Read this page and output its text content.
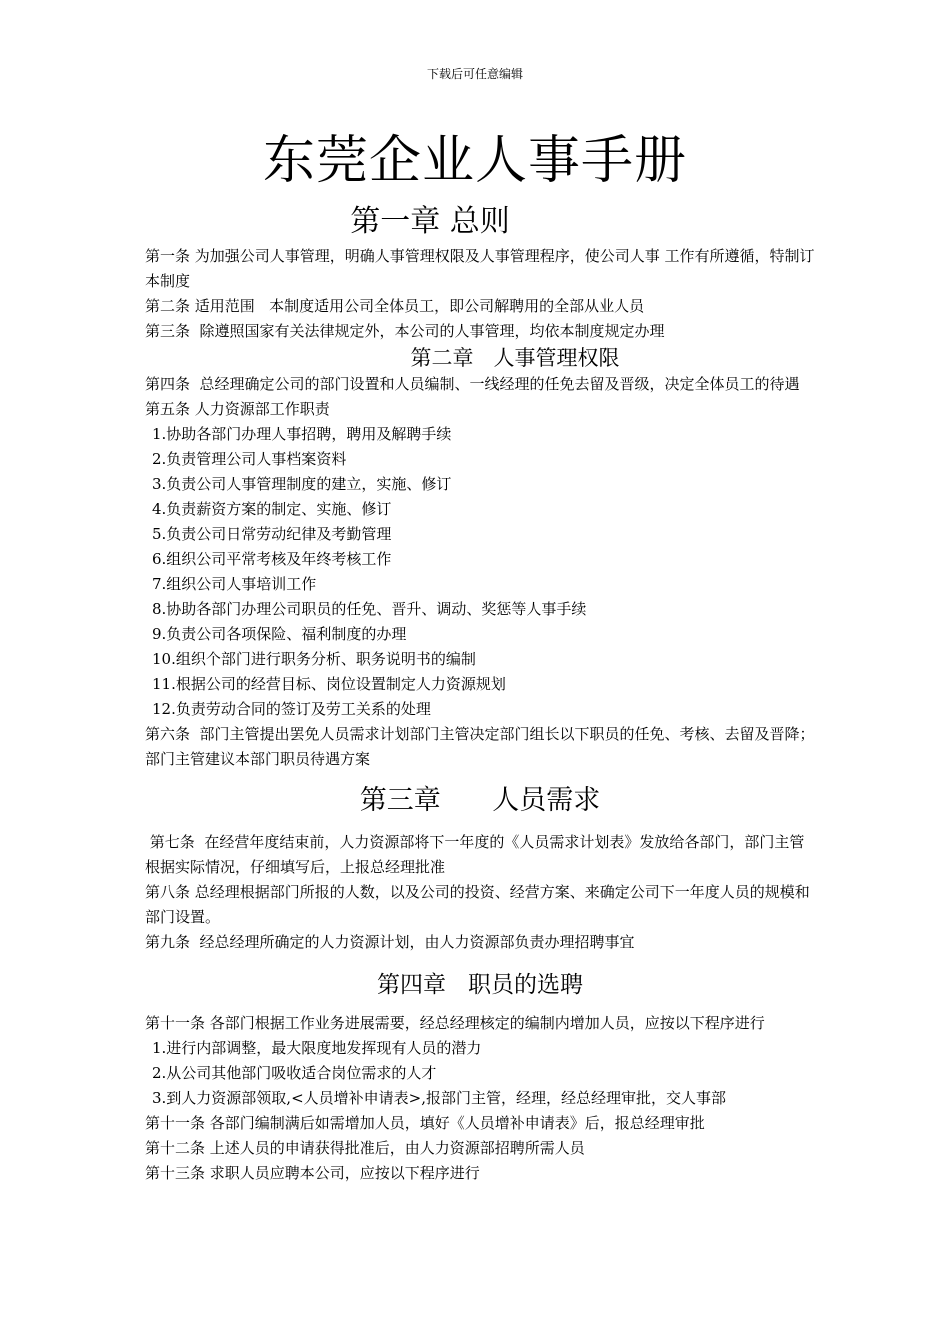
下载后可任意编辑
东莞企业人事手册
第一章 总则

第一条 为加强公司人事管理，明确人事管理权限及人事管理程序，使公司人事 工作有所遵循，特制订本制度

第二条 适用范围   本制度适用公司全体员工，即公司解聘用的全部从业人员

第三条  除遵照国家有关法律规定外，本公司的人事管理，均依本制度规定办理

第二章   人事管理权限

第四条  总经理确定公司的部门设置和人员编制、一线经理的任免去留及晋级，决定全体员工的待遇

第五条 人力资源部工作职责

1.协助各部门办理人事招聘，聘用及解聘手续

2.负责管理公司人事档案资料

3.负责公司人事管理制度的建立，实施、修订

4.负责薪资方案的制定、实施、修订

5.负责公司日常劳动纪律及考勤管理

6.组织公司平常考核及年终考核工作

7.组织公司人事培训工作

8.协助各部门办理公司职员的任免、晋升、调动、奖惩等人事手续

9.负责公司各项保险、福利制度的办理

10.组织个部门进行职务分析、职务说明书的编制

11.根据公司的经营目标、岗位设置制定人力资源规划

12.负责劳动合同的签订及劳工关系的处理

第六条  部门主管提出罢免人员需求计划部门主管决定部门组长以下职员的任免、考核、去留及晋降；部门主管建议本部门职员待遇方案

第三章      人员需求

第七条  在经营年度结束前，人力资源部将下一年度的《人员需求计划表》发放给各部门，部门主管根据实际情况，仔细填写后，上报总经理批准

第八条 总经理根据部门所报的人数，以及公司的投资、经营方案、来确定公司下一年度人员的规模和部门设置。

第九条  经总经理所确定的人力资源计划，由人力资源部负责办理招聘事宜

第四章   职员的选聘

第十一条 各部门根据工作业务进展需要，经总经理核定的编制内增加人员，应按以下程序进行

1.进行内部调整，最大限度地发挥现有人员的潜力

2.从公司其他部门吸收适合岗位需求的人才

3.到人力资源部领取,<人员增补申请表>,报部门主管，经理，经总经理审批，交人事部

第十一条 各部门编制满后如需增加人员，填好《人员增补申请表》后，报总经理审批

第十二条 上述人员的申请获得批准后，由人力资源部招聘所需人员

第十三条 求职人员应聘本公司，应按以下程序进行
